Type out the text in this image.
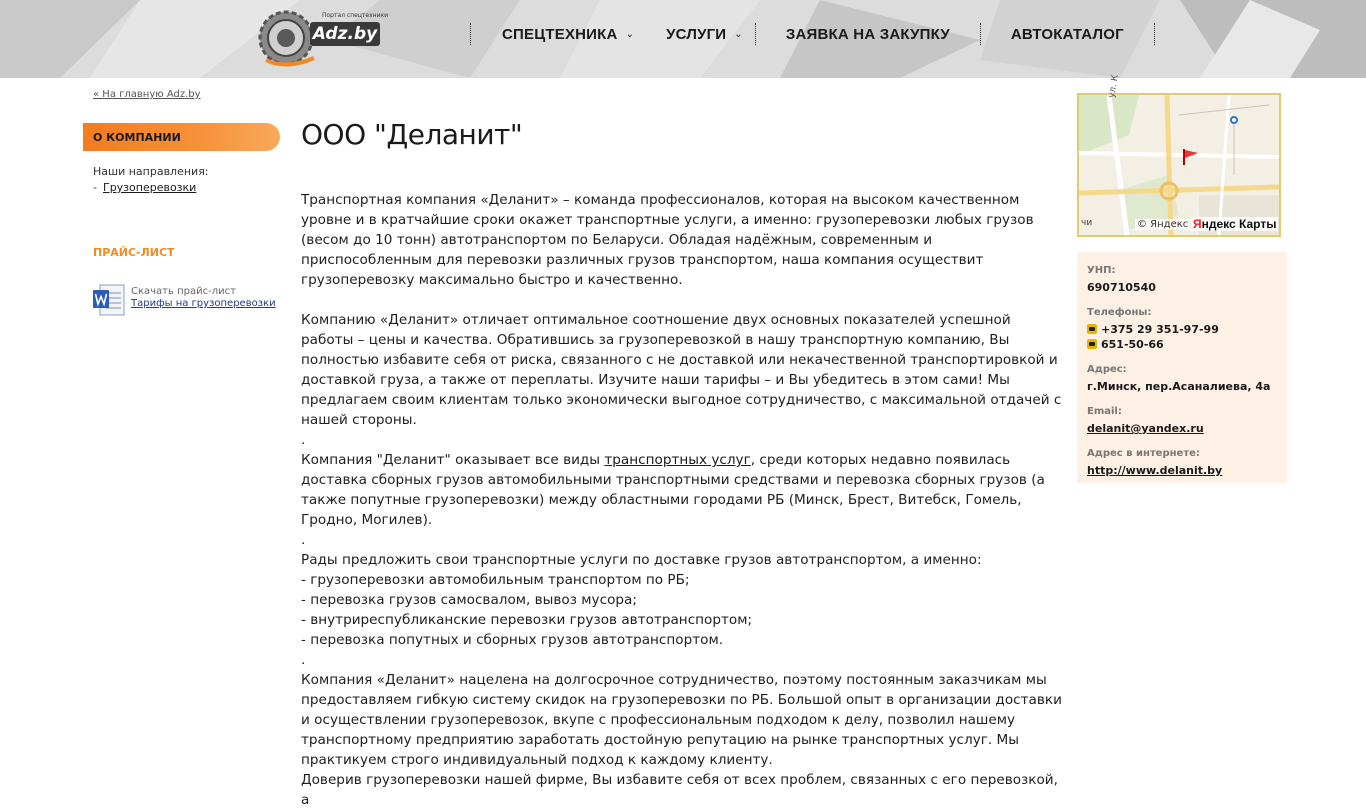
Портал спецтехники
Adz.by	СПЕЦТЕХНИКА ⌄ УСЛУГИ ⌄	ЗАЯВКА НА ЗАКУПКУ	АВТОКАТАЛОГ
« На главную Adz.by
О КОМПАНИИ
Наши направления:
- Грузоперевозки
ПРАЙС-ЛИСТ
Скачать прайс-лист
Тарифы на грузоперевозки
ООО "Деланит"

Транспортная компания «Деланит» – команда профессионалов, которая на высоком качественном уровне и в кратчайшие сроки окажет транспортные услуги, а именно: грузоперевозки любых грузов (весом до 10 тонн) автотранспортом по Беларуси. Обладая надёжным, современным и приспособленным для перевозки различных грузов транспортом, наша компания осуществит грузоперевозку максимально быстро и качественно.

Компанию «Деланит» отличает оптимальное соотношение двух основных показателей успешной работы – цены и качества. Обратившись за грузоперевозкой в нашу транспортную компанию, Вы полностью избавите себя от риска, связанного с не доставкой или некачественной транспортировкой и доставкой груза, а также от переплаты. Изучите наши тарифы – и Вы убедитесь в этом сами! Мы предлагаем своим клиентам только экономически выгодное сотрудничество, с максимальной отдачей с нашей стороны.

.

Компания "Деланит" оказывает все виды транспортных услуг, среди которых недавно появилась доставка сборных грузов автомобильными транспортными средствами и перевозка сборных грузов (а также попутные грузоперевозки) между областными городами РБ (Минск, Брест, Витебск, Гомель, Гродно, Могилев).

.

Рады предложить свои транспортные услуги по доставке грузов автотранспортом, а именно:

- грузоперевозки автомобильным транспортом по РБ;

- перевозка грузов самосвалом, вывоз мусора;

- внутриреспубликанские перевозки грузов автотранспортом;

- перевозка попутных и сборных грузов автотранспортом.

.

Компания «Деланит» нацелена на долгосрочное сотрудничество, поэтому постоянным заказчикам мы предоставляем гибкую систему скидок на грузоперевозки по РБ. Большой опыт в организации доставки и осуществлении грузоперевозок, вкупе с профессиональным подходом к делу, позволил нашему транспортному предприятию заработать достойную репутацию на рынке транспортных услуг. Мы практикуем строго индивидуальный подход к каждому клиенту.

Доверив грузоперевозки нашей фирме, Вы избавите себя от всех проблем, связанных с его перевозкой, а

ул. К
чи	© Яндекс Яндекс Карты
УНП:
690710540
Телефоны:
+375 29 351-97-99
651-50-66
Адрес:
г.Минск, пер.Асаналиева, 4а
Email:
delanit@yandex.ru
Адрес в интернете:
http://www.delanit.by
